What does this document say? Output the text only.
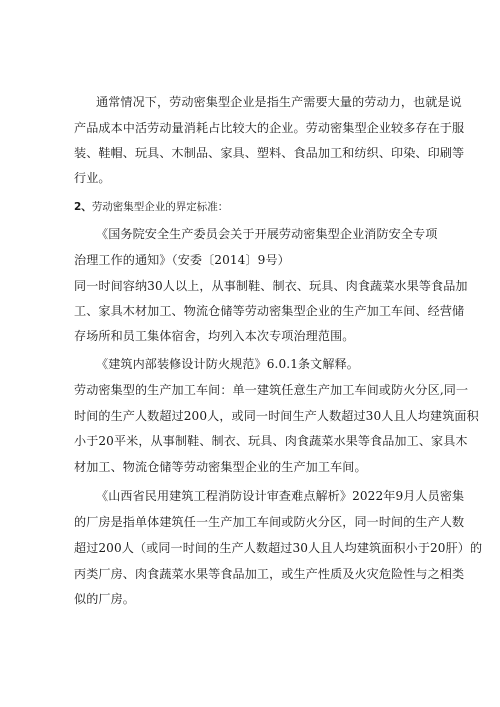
通常情况下，劳动密集型企业是指生产需要大量的劳动力，也就是说
产品成本中活劳动量消耗占比较大的企业。劳动密集型企业较多存在于服
装、鞋帽、玩具、木制品、家具、塑料、食品加工和纺织、印染、印刷等
行业。
2、劳动密集型企业的界定标准：
《国务院安全生产委员会关于开展劳动密集型企业消防安全专项
治理工作的通知》（安委〔2014〕9号）
同一时间容纳30人以上，从事制鞋、制衣、玩具、肉食蔬菜水果等食品加
工、家具木材加工、物流仓储等劳动密集型企业的生产加工车间、经营储
存场所和员工集体宿舍，均列入本次专项治理范围。
《建筑内部装修设计防火规范》6.0.1条文解释。
劳动密集型的生产加工车间：单一建筑任意生产加工车间或防火分区,同一
时间的生产人数超过200人，或同一时间生产人数超过30人且人均建筑面积
小于20平米，从事制鞋、制衣、玩具、肉食蔬菜水果等食品加工、家具木
材加工、物流仓储等劳动密集型企业的生产加工车间。
《山西省民用建筑工程消防设计审查难点解析》2022年9月人员密集
的厂房是指单体建筑任一生产加工车间或防火分区，同一时间的生产人数
超过200人（或同一时间的生产人数超过30人且人均建筑面积小于20肝）的
丙类厂房、肉食蔬菜水果等食品加工，或生产性质及火灾危险性与之相类
似的厂房。
